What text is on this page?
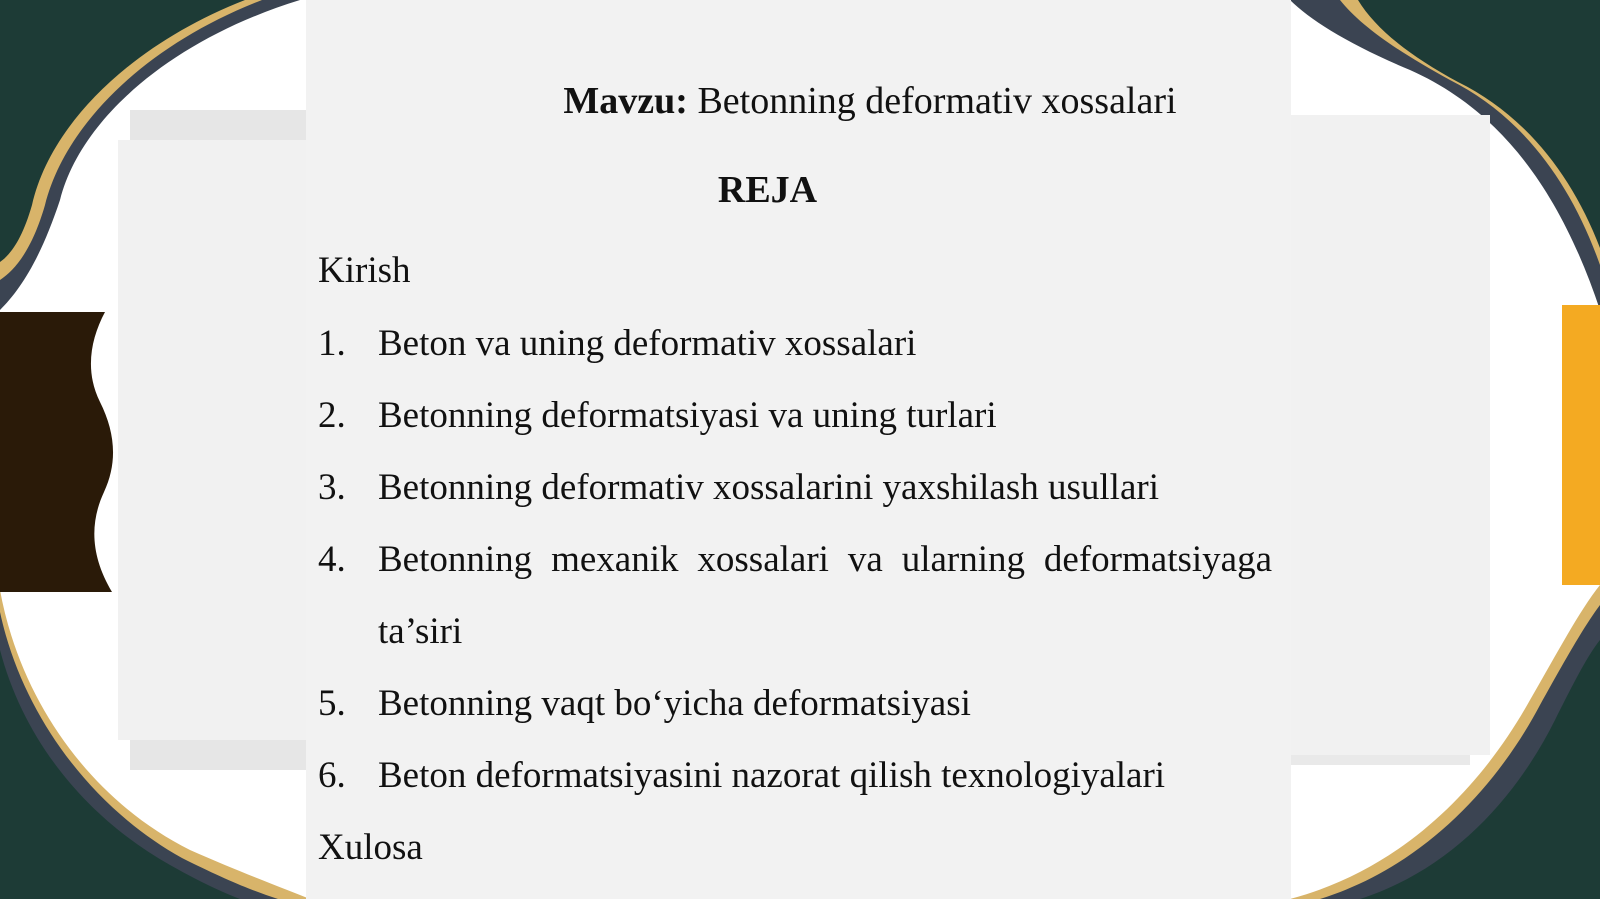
Mavzu: Betonning deformativ xossalari
REJA
Kirish
1. Beton va uning deformativ xossalari
2. Betonning deformatsiyasi va uning turlari
3. Betonning deformativ xossalarini yaxshilash usullari
4. Betonning mexanik xossalari va ularning deformatsiyaga ta’siri
5. Betonning vaqt bo‘yicha deformatsiyasi
6. Beton deformatsiyasini nazorat qilish texnologiyalari
Xulosa
